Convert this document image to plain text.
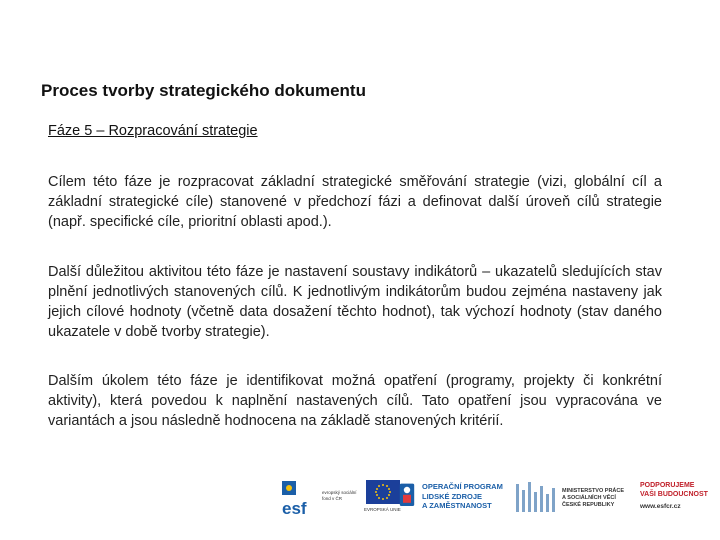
Proces tvorby strategického dokumentu
Fáze 5 – Rozpracování strategie

Cílem této fáze je rozpracovat základní strategické směřování strategie (vizi, globální cíl a základní strategické cíle) stanovené v předchozí fázi a definovat další úroveň cílů strategie (např. specifické cíle, prioritní oblasti apod.).

Další důležitou aktivitou této fáze je nastavení soustavy indikátorů – ukazatelů sledujících stav plnění jednotlivých stanovených cílů. K jednotlivým indikátorům budou zejména nastaveny jak jejich cílové hodnoty (včetně data dosažení těchto hodnot), tak výchozí hodnoty (stav daného ukazatele v době tvorby strategie).

Dalším úkolem této fáze je identifikovat možná opatření (programy, projekty či konkrétní aktivity), která povedou k naplnění nastavených cílů. Tato opatření jsou vypracována ve variantách a jsou následně hodnocena na základě stanovených kritérií.

esf
evropský sociální fond v ČR
EVROPSKÁ UNIE
OPERAČNÍ PROGRAM
LIDSKÉ ZDROJE
A ZAMĚSTNANOST
MINISTERSTVO PRÁCE
A SOCIÁLNÍCH VĚCÍ
ČESKÉ REPUBLIKY
PODPORUJEME
VAŠI BUDOUCNOST
www.esfcr.cz
